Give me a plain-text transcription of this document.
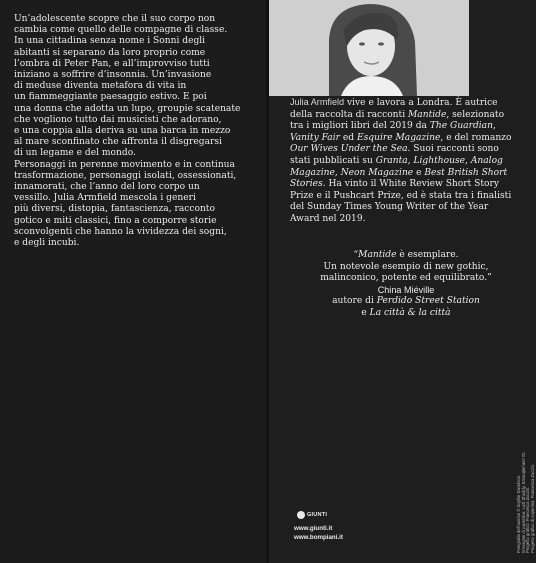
Un’adolescente scopre che il suo corpo non
cambia come quello delle compagne di classe.
In una cittadina senza nome i Sonni degli
abitanti si separano da loro proprio come
l’ombra di Peter Pan, e all’improvviso tutti
iniziano a soffrire d’insonnia. Un’invasione
di meduse diventa metafora di vita in
un fiammeggiante paesaggio estivo. E poi
una donna che adotta un lupo, groupie scatenate
che vogliono tutto dai musicisti che adorano,
e una coppia alla deriva su una barca in mezzo
al mare sconfinato che affronta il disgregarsi
di un legame e del mondo.
Personaggi in perenne movimento e in continua
trasformazione, personaggi isolati, ossessionati,
innamorati, che l’anno del loro corpo un
vessillo. Julia Armfield mescola i generi
più diversi, distopia, fantascienza, racconto
gotico e miti classici, fino a comporre storie
sconvolgenti che hanno la vividezza dei sogni,
e degli incubi.
Julia Armfield vive e lavora a Londra. È autrice
della raccolta di racconti Mantide, selezionato
tra i migliori libri del 2019 da The Guardian,
Vanity Fair ed Esquire Magazine, e del romanzo
Our Wives Under the Sea. Suoi racconti sono
stati pubblicati su Granta, Lighthouse, Analog
Magazine, Neon Magazine e Best British Short
Stories. Ha vinto il White Review Short Story
Prize e il Pushcart Prize, ed è stata tra i finalisti
del Sunday Times Young Writer of the Year
Award nel 2019.
“Mantide è esemplare.
Un notevole esempio di new gothic,
malinconico, potente ed equilibrato.”
China Miéville
autore di Perdido Street Station
e La città & la città
Fotografia dell’autrice © Sophie Davidson. Immagine di copertina: Lodi Shoddy, Entanglement #2. Progetto grafico: Francesca Zucchi. Progetto grafico di copertina: Francesca Zucchi.
GIUNTI
www.giunti.it
www.bompiani.it
